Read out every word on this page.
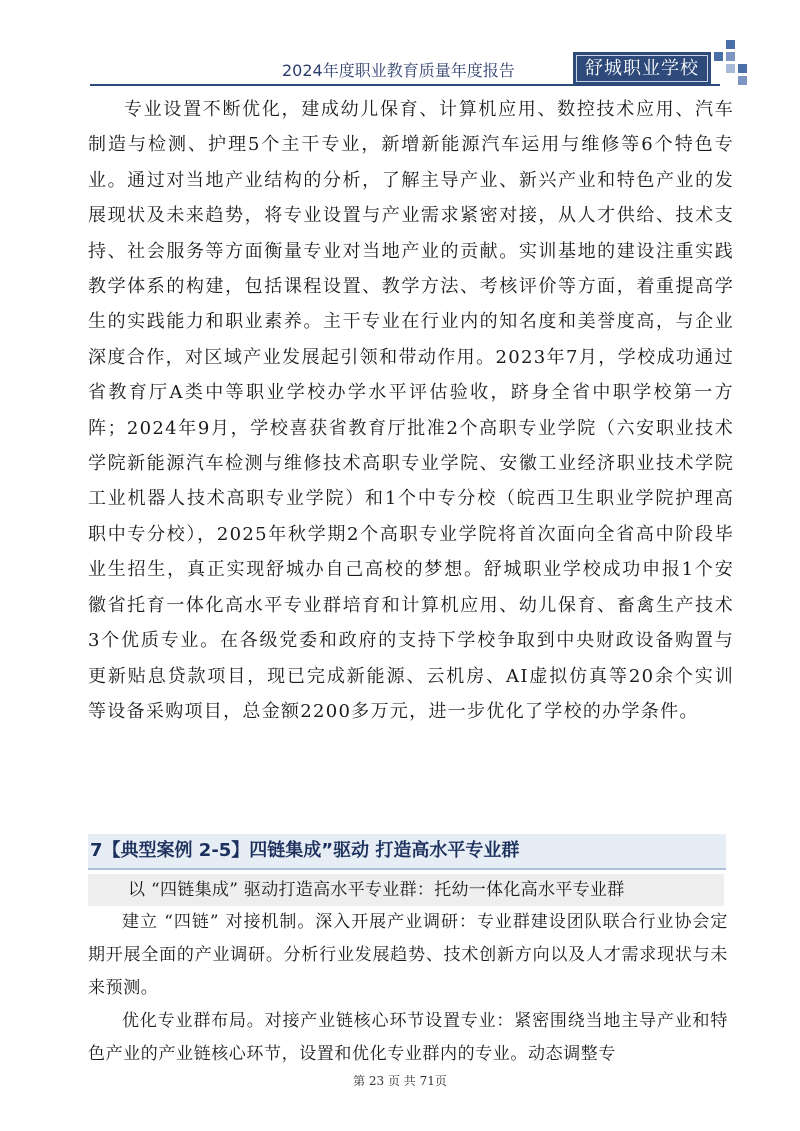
2024年度职业教育质量年度报告	舒城职业学校

专业设置不断优化，建成幼儿保育、计算机应用、数控技术应用、汽车制造与检测、护理5个主干专业，新增新能源汽车运用与维修等6个特色专业。通过对当地产业结构的分析，了解主导产业、新兴产业和特色产业的发展现状及未来趋势，将专业设置与产业需求紧密对接，从人才供给、技术支持、社会服务等方面衡量专业对当地产业的贡献。实训基地的建设注重实践教学体系的构建，包括课程设置、教学方法、考核评价等方面，着重提高学生的实践能力和职业素养。主干专业在行业内的知名度和美誉度高，与企业深度合作，对区域产业发展起引领和带动作用。2023年7月，学校成功通过省教育厅A类中等职业学校办学水平评估验收，跻身全省中职学校第一方阵；2024年9月，学校喜获省教育厅批准2个高职专业学院（六安职业技术学院新能源汽车检测与维修技术高职专业学院、安徽工业经济职业技术学院工业机器人技术高职专业学院）和1个中专分校（皖西卫生职业学院护理高职中专分校），2025年秋学期2个高职专业学院将首次面向全省高中阶段毕业生招生，真正实现舒城办自己高校的梦想。舒城职业学校成功申报1个安徽省托育一体化高水平专业群培育和计算机应用、幼儿保育、畜禽生产技术3个优质专业。在各级党委和政府的支持下学校争取到中央财政设备购置与更新贴息贷款项目，现已完成新能源、云机房、AI虚拟仿真等20余个实训等设备采购项目，总金额2200多万元，进一步优化了学校的办学条件。

7【典型案例 2-5】四链集成”驱动 打造高水平专业群
以 “四链集成” 驱动打造高水平专业群：托幼一体化高水平专业群

建立 “四链” 对接机制。深入开展产业调研：专业群建设团队联合行业协会定期开展全面的产业调研。分析行业发展趋势、技术创新方向以及人才需求现状与未来预测。

优化专业群布局。对接产业链核心环节设置专业：紧密围绕当地主导产业和特色产业的产业链核心环节，设置和优化专业群内的专业。动态调整专

第 23 页 共 71页
